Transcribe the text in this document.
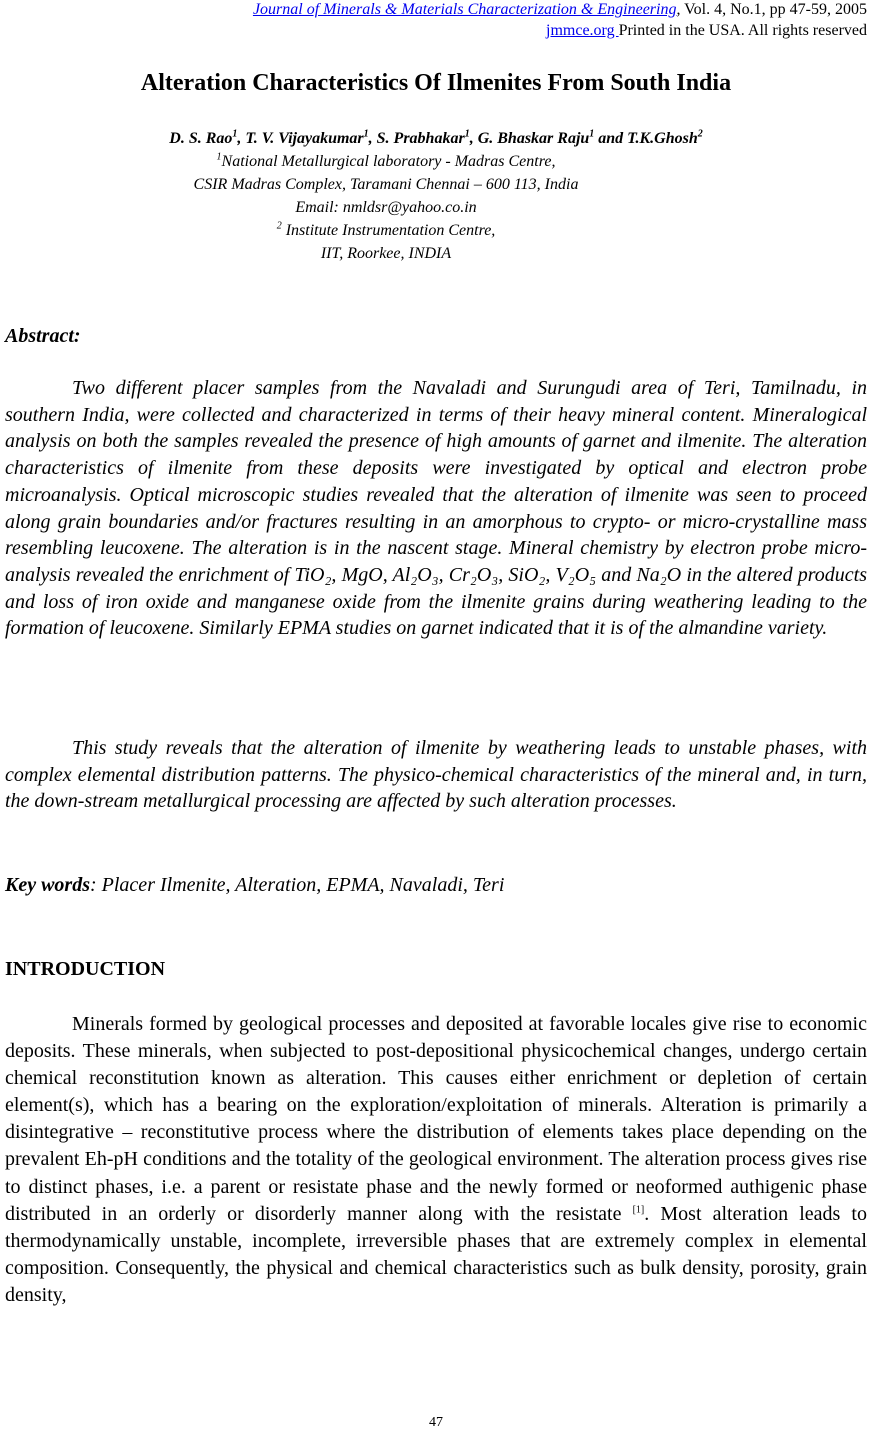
Journal of Minerals & Materials Characterization & Engineering, Vol. 4, No.1, pp 47-59, 2005
jmmce.org Printed in the USA. All rights reserved
Alteration Characteristics Of Ilmenites From South India
D. S. Rao$^1$, T. V. Vijayakumar$^1$, S. Prabhakar$^1$, G. Bhaskar Raju$^1$ and T.K.Ghosh$^2$
$^1$National Metallurgical laboratory - Madras Centre,
CSIR Madras Complex, Taramani Chennai – 600 113, India
Email: nmldsr@yahoo.co.in
$^2$ Institute Instrumentation Centre,
IIT, Roorkee, INDIA
Abstract:
Two different placer samples from the Navaladi and Surungudi area of Teri, Tamilnadu, in southern India, were collected and characterized in terms of their heavy mineral content. Mineralogical analysis on both the samples revealed the presence of high amounts of garnet and ilmenite. The alteration characteristics of ilmenite from these deposits were investigated by optical and electron probe microanalysis. Optical microscopic studies revealed that the alteration of ilmenite was seen to proceed along grain boundaries and/or fractures resulting in an amorphous to crypto- or micro-crystalline mass resembling leucoxene. The alteration is in the nascent stage. Mineral chemistry by electron probe micro-analysis revealed the enrichment of TiO₂, MgO, Al₂O₃, Cr₂O₃, SiO₂, V₂O₅ and Na₂O in the altered products and loss of iron oxide and manganese oxide from the ilmenite grains during weathering leading to the formation of leucoxene. Similarly EPMA studies on garnet indicated that it is of the almandine variety.
This study reveals that the alteration of ilmenite by weathering leads to unstable phases, with complex elemental distribution patterns. The physico-chemical characteristics of the mineral and, in turn, the down-stream metallurgical processing are affected by such alteration processes.
Key words: Placer Ilmenite, Alteration, EPMA, Navaladi, Teri
INTRODUCTION
Minerals formed by geological processes and deposited at favorable locales give rise to economic deposits. These minerals, when subjected to post-depositional physicochemical changes, undergo certain chemical reconstitution known as alteration. This causes either enrichment or depletion of certain element(s), which has a bearing on the exploration/exploitation of minerals. Alteration is primarily a disintegrative – reconstitutive process where the distribution of elements takes place depending on the prevalent Eh-pH conditions and the totality of the geological environment. The alteration process gives rise to distinct phases, i.e. a parent or resistate phase and the newly formed or neoformed authigenic phase distributed in an orderly or disorderly manner along with the resistate [1]. Most alteration leads to thermodynamically unstable, incomplete, irreversible phases that are extremely complex in elemental composition. Consequently, the physical and chemical characteristics such as bulk density, porosity, grain density,
47
